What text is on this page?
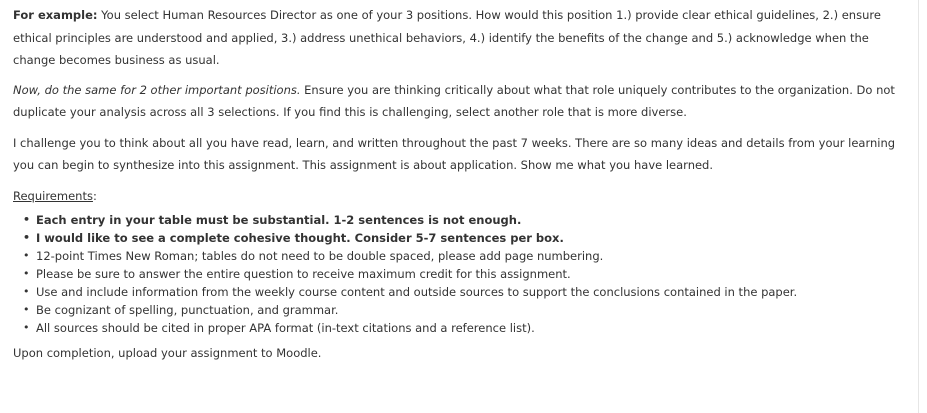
For example: You select Human Resources Director as one of your 3 positions. How would this position 1.) provide clear ethical guidelines, 2.) ensure ethical principles are understood and applied, 3.) address unethical behaviors, 4.) identify the benefits of the change and 5.) acknowledge when the change becomes business as usual.

Now, do the same for 2 other important positions. Ensure you are thinking critically about what that role uniquely contributes to the organization. Do not duplicate your analysis across all 3 selections. If you find this is challenging, select another role that is more diverse.

I challenge you to think about all you have read, learn, and written throughout the past 7 weeks. There are so many ideas and details from your learning you can begin to synthesize into this assignment. This assignment is about application. Show me what you have learned.

Requirements:

• Each entry in your table must be substantial. 1-2 sentences is not enough.
• I would like to see a complete cohesive thought. Consider 5-7 sentences per box.
• 12-point Times New Roman; tables do not need to be double spaced, please add page numbering.
• Please be sure to answer the entire question to receive maximum credit for this assignment.
• Use and include information from the weekly course content and outside sources to support the conclusions contained in the paper.
• Be cognizant of spelling, punctuation, and grammar.
• All sources should be cited in proper APA format (in-text citations and a reference list).

Upon completion, upload your assignment to Moodle.
